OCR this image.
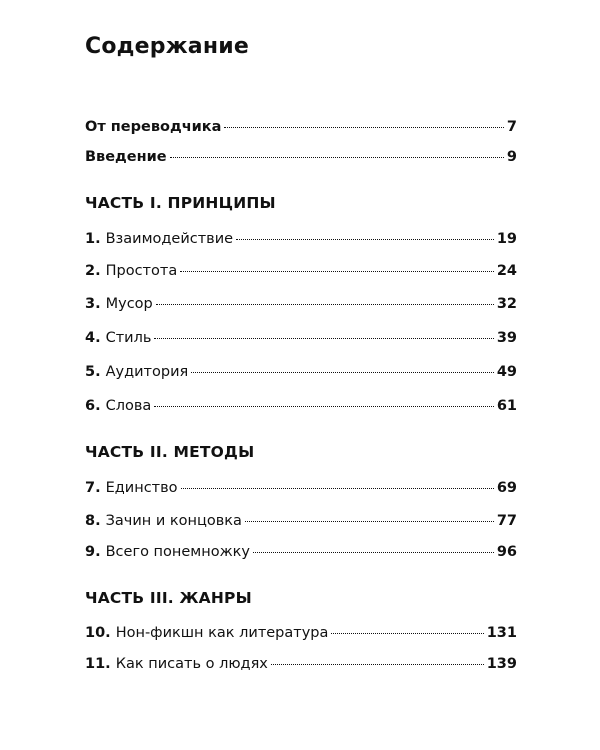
Содержание
От переводчика	7
Введение	9
ЧАСТЬ I. ПРИНЦИПЫ
1. Взаимодействие	19
2. Простота	24
3. Мусор	32
4. Стиль	39
5. Аудитория	49
6. Слова	61
ЧАСТЬ II. МЕТОДЫ
7. Единство	69
8. Зачин и концовка	77
9. Всего понемножку	96
ЧАСТЬ III. ЖАНРЫ
10. Нон-фикшн как литература	131
11. Как писать о людях	139
